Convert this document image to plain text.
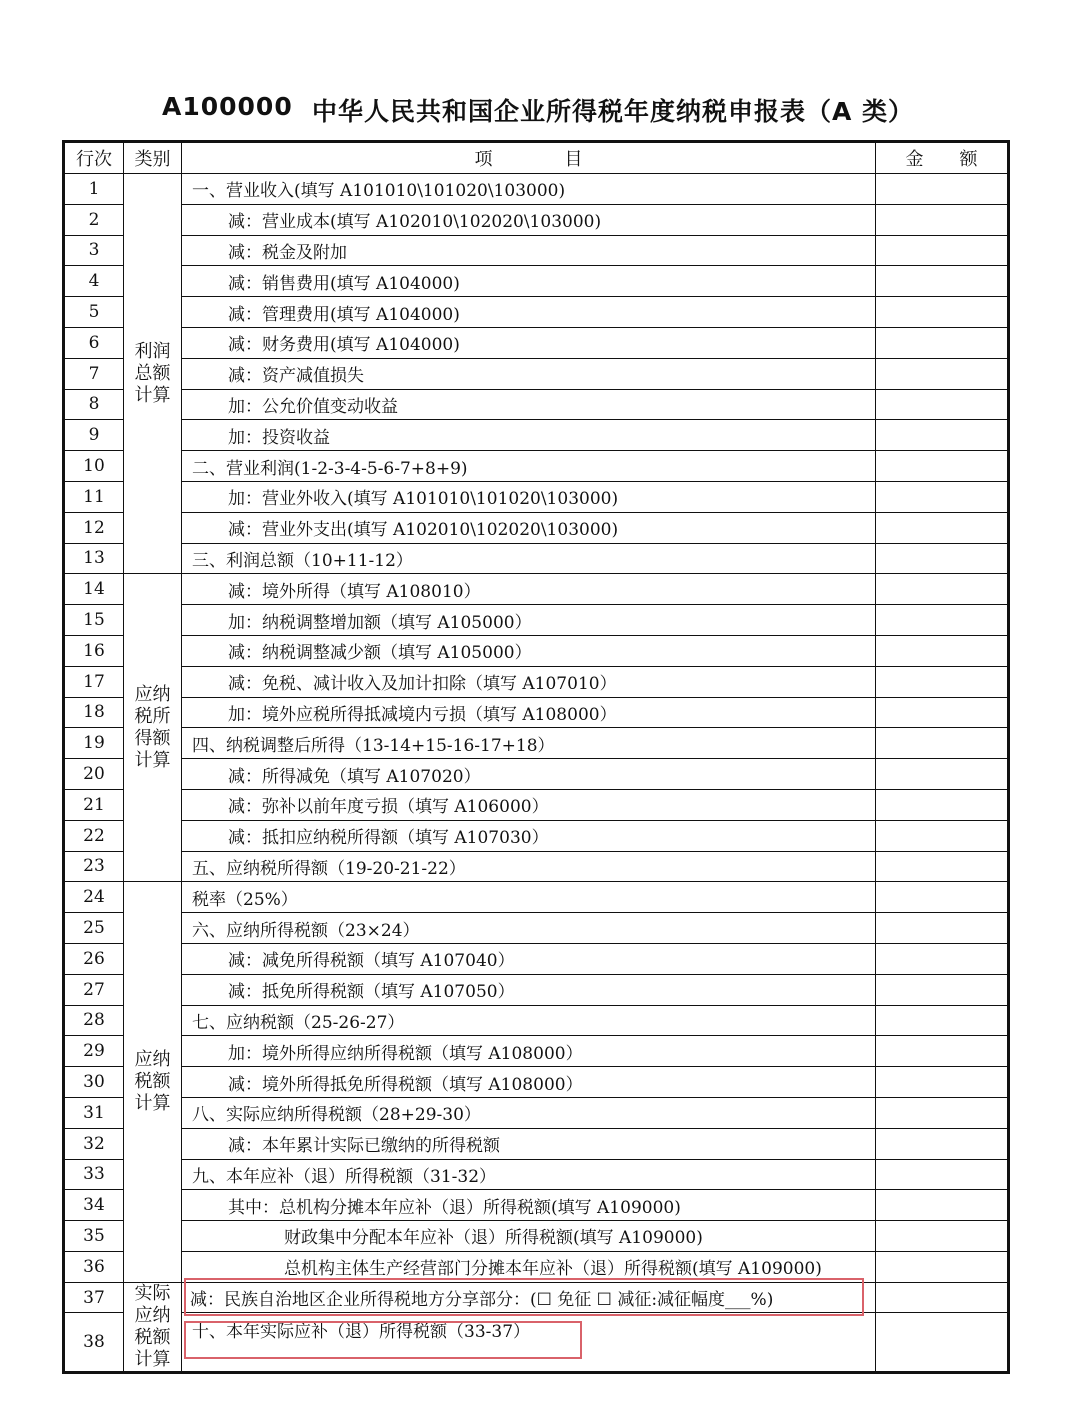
A100000 中华人民共和国企业所得税年度纳税申报表（A 类）
行次	类别	项　　　　目	金　　额
1	利润总额计算	一、营业收入(填写 A101010\101020\103000)	
2		减：营业成本(填写 A102010\102020\103000)	
3		减：税金及附加	
4		减：销售费用(填写 A104000)	
5		减：管理费用(填写 A104000)	
6		减：财务费用(填写 A104000)	
7		减：资产减值损失	
8		加：公允价值变动收益	
9		加：投资收益	
10		二、营业利润(1-2-3-4-5-6-7+8+9)	
11		加：营业外收入(填写 A101010\101020\103000)	
12		减：营业外支出(填写 A102010\102020\103000)	
13		三、利润总额（10+11-12）	
14	应纳税所得额计算	减：境外所得（填写 A108010）	
15		加：纳税调整增加额（填写 A105000）	
16		减：纳税调整减少额（填写 A105000）	
17		减：免税、减计收入及加计扣除（填写 A107010）	
18		加：境外应税所得抵减境内亏损（填写 A108000）	
19		四、纳税调整后所得（13-14+15-16-17+18）	
20		减：所得减免（填写 A107020）	
21		减：弥补以前年度亏损（填写 A106000）	
22		减：抵扣应纳税所得额（填写 A107030）	
23		五、应纳税所得额（19-20-21-22）	
24	应纳税额计算	税率（25%）	
25		六、应纳所得税额（23×24）	
26		减：减免所得税额（填写 A107040）	
27		减：抵免所得税额（填写 A107050）	
28		七、应纳税额（25-26-27）	
29		加：境外所得应纳所得税额（填写 A108000）	
30		减：境外所得抵免所得税额（填写 A108000）	
31		八、实际应纳所得税额（28+29-30）	
32		减：本年累计实际已缴纳的所得税额	
33		九、本年应补（退）所得税额（31-32）	
34		其中：总机构分摊本年应补（退）所得税额(填写 A109000)	
35		财政集中分配本年应补（退）所得税额(填写 A109000)	
36		总机构主体生产经营部门分摊本年应补（退）所得税额(填写 A109000)	
37	实际应纳税额计算	减：民族自治地区企业所得税地方分享部分：(☐ 免征 ☐ 减征:减征幅度___%)	
38		十、本年实际应补（退）所得税额（33-37）	
